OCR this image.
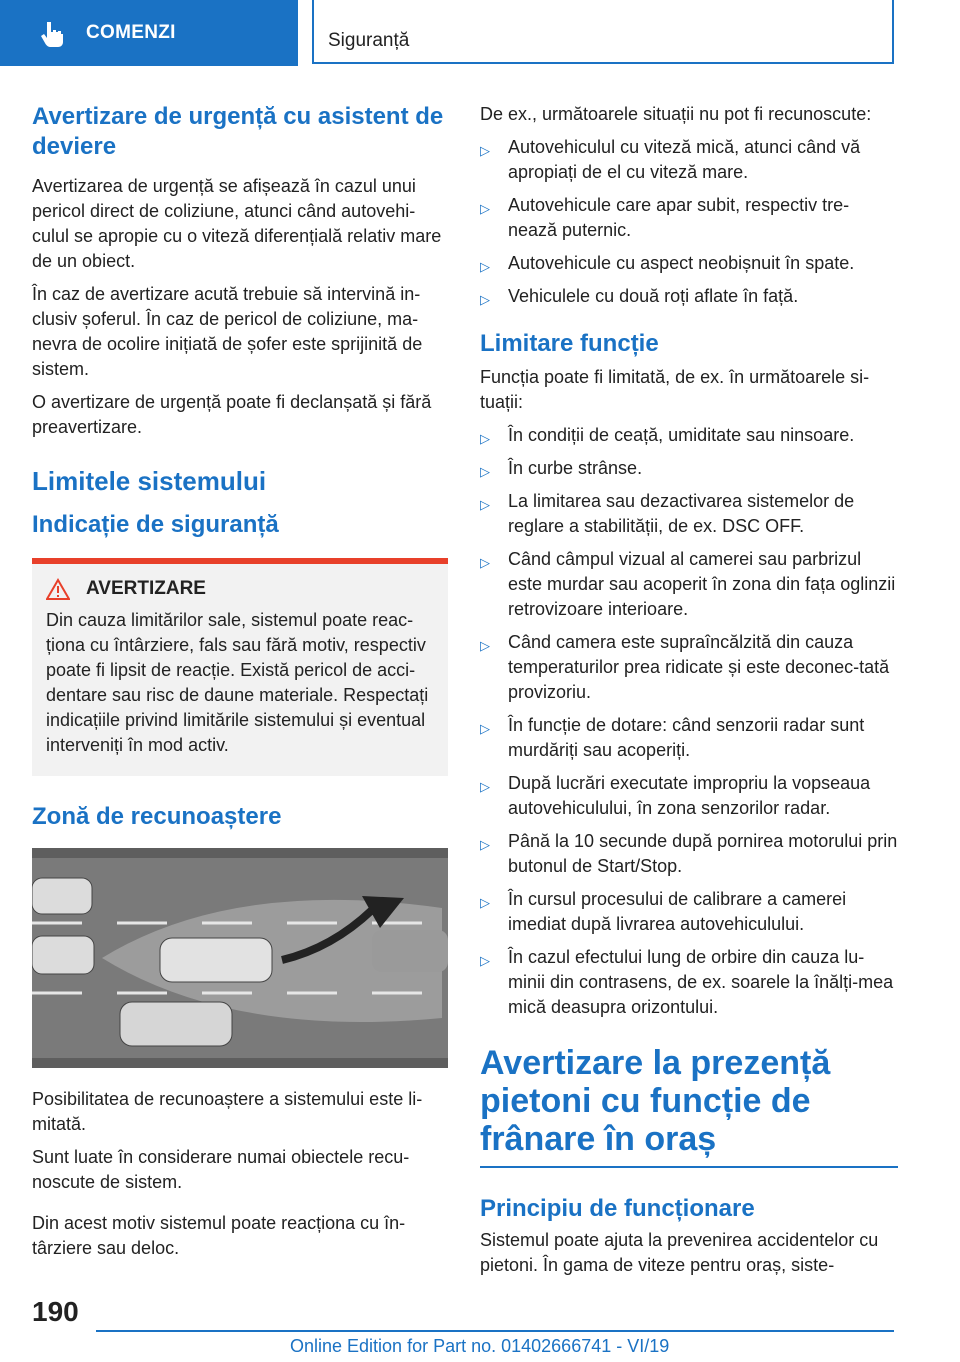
COMENZI	Siguranță
Avertizare de urgență cu asistent de deviere

Avertizarea de urgență se afișează în cazul unui pericol direct de coliziune, atunci când autovehi-culul se apropie cu o viteză diferențială relativ mare de un obiect.

În caz de avertizare acută trebuie să intervină in-clusiv șoferul. În caz de pericol de coliziune, ma-nevra de ocolire inițiată de șofer este sprijinită de sistem.

O avertizare de urgență poate fi declanșată și fără preavertizare.

Limitele sistemului
Indicație de siguranță
AVERTIZARE

Din cauza limitărilor sale, sistemul poate reac-ționa cu întârziere, fals sau fără motiv, respectiv poate fi lipsit de reacție. Există pericol de acci-dentare sau risc de daune materiale. Respectați indicațiile privind limitările sistemului și eventual interveniți în mod activ.

Zonă de recunoaștere

Posibilitatea de recunoaștere a sistemului este li-mitată.

Sunt luate în considerare numai obiectele recu-noscute de sistem.

Din acest motiv sistemul poate reacționa cu în-târziere sau deloc.

De ex., următoarele situații nu pot fi recunoscute:

▷ Autovehiculul cu viteză mică, atunci când vă apropiați de el cu viteză mare.
▷ Autovehicule care apar subit, respectiv tre-nează puternic.
▷ Autovehicule cu aspect neobișnuit în spate.
▷ Vehiculele cu două roți aflate în față.
Limitare funcție

Funcția poate fi limitată, de ex. în următoarele si-tuații:

▷ În condiții de ceață, umiditate sau ninsoare.
▷ În curbe strânse.
▷ La limitarea sau dezactivarea sistemelor de reglare a stabilității, de ex. DSC OFF.
▷ Când câmpul vizual al camerei sau parbrizul este murdar sau acoperit în zona din fața oglinzii retrovizoare interioare.
▷ Când camera este supraîncălzită din cauza temperaturilor prea ridicate și este deconec-tată provizoriu.
▷ În funcție de dotare: când senzorii radar sunt murdăriți sau acoperiți.
▷ După lucrări executate impropriu la vopseaua autovehiculului, în zona senzorilor radar.
▷ Până la 10 secunde după pornirea motorului prin butonul de Start/Stop.
▷ În cursul procesului de calibrare a camerei imediat după livrarea autovehiculului.
▷ În cazul efectului lung de orbire din cauza lu-minii din contrasens, de ex. soarele la înălți-mea mică deasupra orizontului.
Avertizare la prezență pietoni cu funcție de frânare în oraș
Principiu de funcționare

Sistemul poate ajuta la prevenirea accidentelor cu pietoni. În gama de viteze pentru oraș, siste-

190
Online Edition for Part no. 01402666741 - VI/19
